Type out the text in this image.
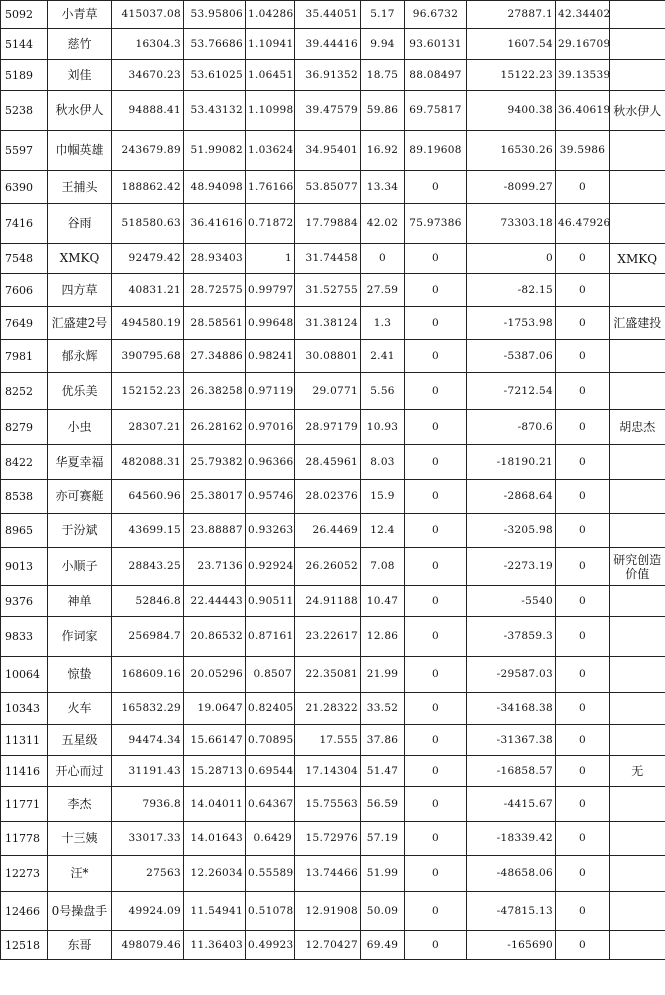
5092	小青草	415037.08	53.95806	1.04286	35.44051	5.17	96.6732	27887.1	42.34402	
5144	慈竹	16304.3	53.76686	1.10941	39.44416	9.94	93.60131	1607.54	29.16709	
5189	刘佳	34670.23	53.61025	1.06451	36.91352	18.75	88.08497	15122.23	39.13539	
5238	秋水伊人	94888.41	53.43132	1.10998	39.47579	59.86	69.75817	9400.38	36.40619	秋水伊人
5597	巾帼英雄	243679.89	51.99082	1.03624	34.95401	16.92	89.19608	16530.26	39.5986	
6390	王捕头	188862.42	48.94098	1.76166	53.85077	13.34	0	-8099.27	0	
7416	谷雨	518580.63	36.41616	0.71872	17.79884	42.02	75.97386	73303.18	46.47926	
7548	XMKQ	92479.42	28.93403	1	31.74458	0	0	0	0	XMKQ
7606	四方草	40831.21	28.72575	0.99797	31.52755	27.59	0	-82.15	0	
7649	汇盛建2号	494580.19	28.58561	0.99648	31.38124	1.3	0	-1753.98	0	汇盛建投
7981	郁永辉	390795.68	27.34886	0.98241	30.08801	2.41	0	-5387.06	0	
8252	优乐美	152152.23	26.38258	0.97119	29.0771	5.56	0	-7212.54	0	
8279	小虫	28307.21	26.28162	0.97016	28.97179	10.93	0	-870.6	0	胡忠杰
8422	华夏幸福	482088.31	25.79382	0.96366	28.45961	8.03	0	-18190.21	0	
8538	亦可赛艇	64560.96	25.38017	0.95746	28.02376	15.9	0	-2868.64	0	
8965	于汾斌	43699.15	23.88887	0.93263	26.4469	12.4	0	-3205.98	0	
9013	小顺子	28843.25	23.7136	0.92924	26.26052	7.08	0	-2273.19	0	研究创造价值
9376	神单	52846.8	22.44443	0.90511	24.91188	10.47	0	-5540	0	
9833	作词家	256984.7	20.86532	0.87161	23.22617	12.86	0	-37859.3	0	
10064	惊蛰	168609.16	20.05296	0.8507	22.35081	21.99	0	-29587.03	0	
10343	火车	165832.29	19.0647	0.82405	21.28322	33.52	0	-34168.38	0	
11311	五星级	94474.34	15.66147	0.70895	17.555	37.86	0	-31367.38	0	
11416	开心而过	31191.43	15.28713	0.69544	17.14304	51.47	0	-16858.57	0	无
11771	李杰	7936.8	14.04011	0.64367	15.75563	56.59	0	-4415.67	0	
11778	十三姨	33017.33	14.01643	0.6429	15.72976	57.19	0	-18339.42	0	
12273	汪*	27563	12.26034	0.55589	13.74466	51.99	0	-48658.06	0	
12466	0号操盘手	49924.09	11.54941	0.51078	12.91908	50.09	0	-47815.13	0	
12518	东哥	498079.46	11.36403	0.49923	12.70427	69.49	0	-165690	0	
